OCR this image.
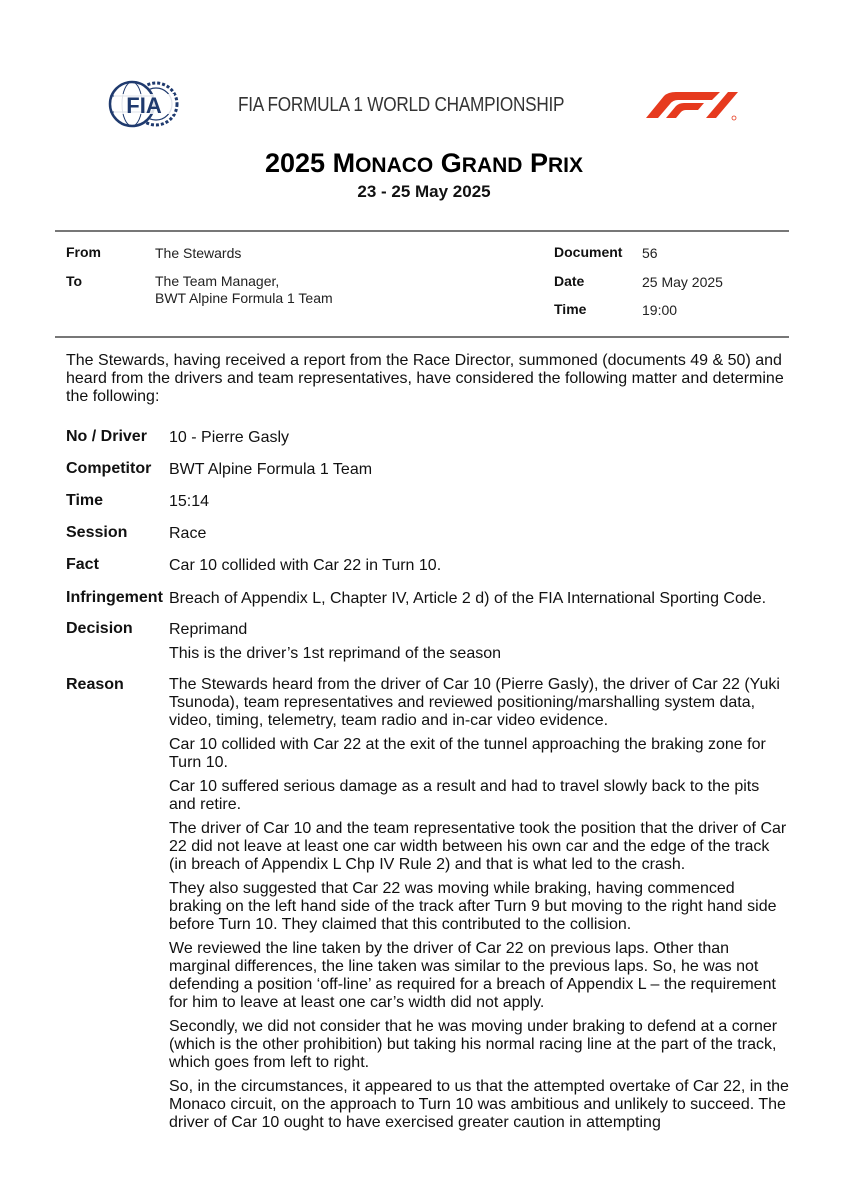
FIA	FIA FORMULA 1 WORLD CHAMPIONSHIP
F1
2025 MONACO GRAND PRIX
23 - 25 May 2025
From	The Stewards
To	The Team Manager,
BWT Alpine Formula 1 Team
Document 56
Date	25 May 2025
Time	19:00
The Stewards, having received a report from the Race Director, summoned (documents 49 & 50) and heard from the drivers and team representatives, have considered the following matter and determine the following:
No / Driver 10 - Pierre Gasly
Competitor BWT Alpine Formula 1 Team
Time	15:14
Session	Race
Fact	Car 10 collided with Car 22 in Turn 10.
Infringement Breach of Appendix L, Chapter IV, Article 2 d) of the FIA International Sporting Code.
Decision Reprimand
This is the driver’s 1st reprimand of the season
Reason	The Stewards heard from the driver of Car 10 (Pierre Gasly), the driver of Car 22 (Yuki Tsunoda), team representatives and reviewed positioning/marshalling system data, video, timing, telemetry, team radio and in-car video evidence.

Car 10 collided with Car 22 at the exit of the tunnel approaching the braking zone for Turn 10.

Car 10 suffered serious damage as a result and had to travel slowly back to the pits and retire.

The driver of Car 10 and the team representative took the position that the driver of Car 22 did not leave at least one car width between his own car and the edge of the track (in breach of Appendix L Chp IV Rule 2) and that is what led to the crash.

They also suggested that Car 22 was moving while braking, having commenced braking on the left hand side of the track after Turn 9 but moving to the right hand side before Turn 10. They claimed that this contributed to the collision.

We reviewed the line taken by the driver of Car 22 on previous laps. Other than marginal differences, the line taken was similar to the previous laps. So, he was not defending a position ‘off-line’ as required for a breach of Appendix L – the requirement for him to leave at least one car’s width did not apply.

Secondly, we did not consider that he was moving under braking to defend at a corner (which is the other prohibition) but taking his normal racing line at the part of the track, which goes from left to right.

So, in the circumstances, it appeared to us that the attempted overtake of Car 22, in the Monaco circuit, on the approach to Turn 10 was ambitious and unlikely to succeed. The driver of Car 10 ought to have exercised greater caution in attempting
